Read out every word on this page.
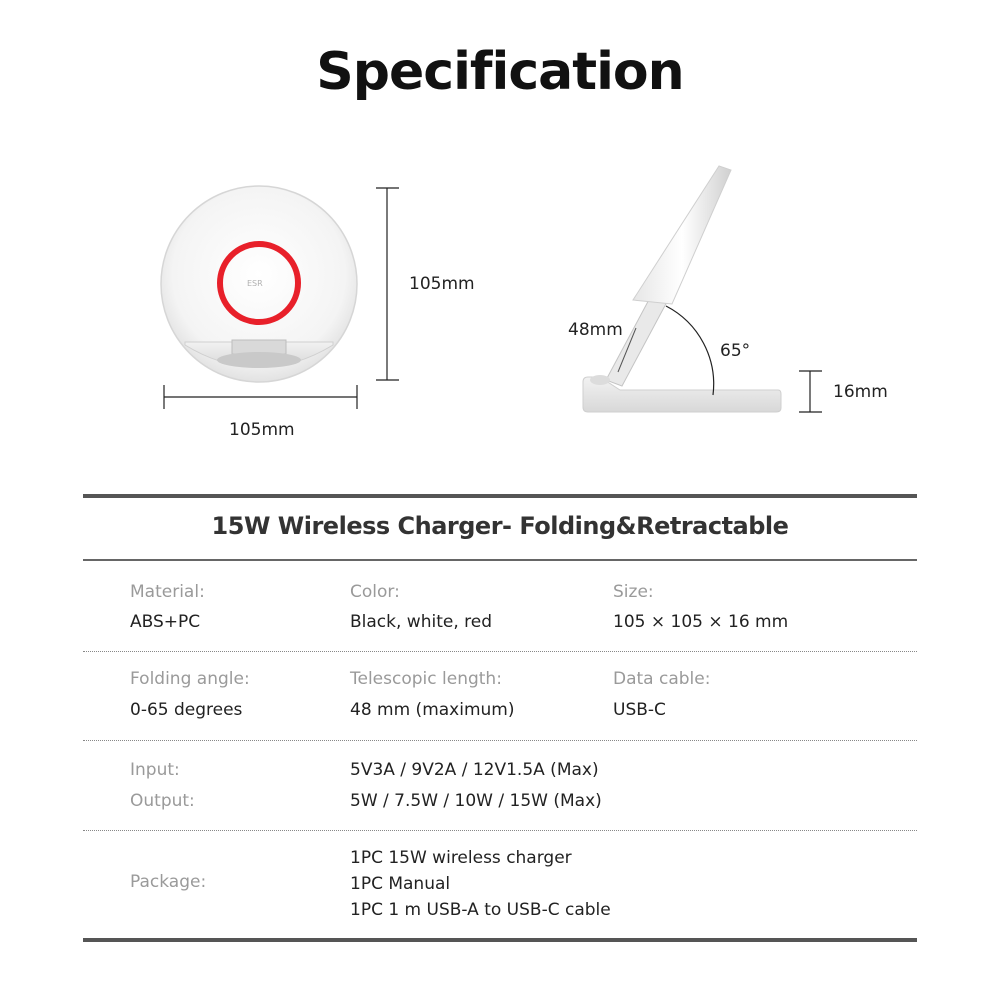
Specification
ESR	105mm
105mm
48mm
65°
16mm
15W Wireless Charger- Folding&Retractable
Material:
ABS+PC
Color:
Black, white, red
Size:
105 × 105 × 16 mm
Folding angle:
0-65 degrees
Telescopic length:
48 mm (maximum)
Data cable:
USB-C
Input:	5V3A / 9V2A / 12V1.5A (Max)
Output:	5W / 7.5W / 10W / 15W (Max)
Package:
1PC 15W wireless charger
1PC Manual
1PC 1 m USB-A to USB-C cable
